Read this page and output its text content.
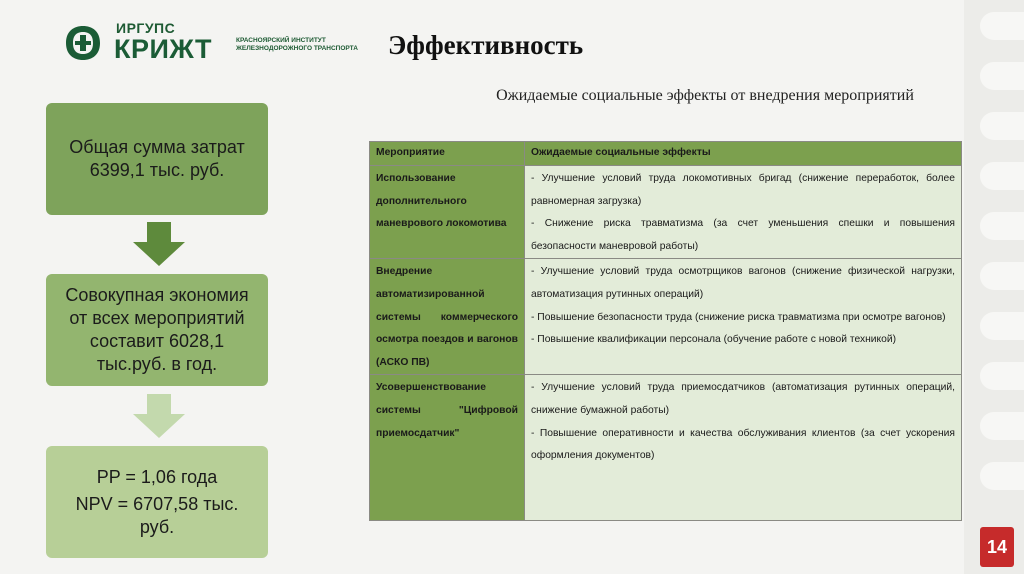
ИРГУПС
КРИЖТ	КРАСНОЯРСКИЙ ИНСТИТУТ ЖЕЛЕЗНОДОРОЖНОГО ТРАНСПОРТА	Эффективность
Ожидаемые социальные эффекты от внедрения мероприятий
Общая сумма затрат 6399,1 тыс. руб.
Совокупная экономия от всех мероприятий составит 6028,1 тыс.руб. в год.
PP = 1,06 года
NPV = 6707,58 тыс. руб.
Мероприятие	Ожидаемые социальные эффекты
Использование дополнительного маневрового локомотива	- Улучшение условий труда локомотивных бригад (снижение переработок, более равномерная загрузка)
- Снижение риска травматизма (за счет уменьшения спешки и повышения безопасности маневровой работы)

Внедрение автоматизированной системы коммерческого осмотра поездов и вагонов (АСКО ПВ)	- Улучшение условий труда осмотрщиков вагонов (снижение физической нагрузки, автоматизация рутинных операций)
- Повышение безопасности труда (снижение риска травматизма при осмотре вагонов)
- Повышение квалификации персонала (обучение работе с новой техникой)

Усовершенствование системы "Цифровой приемосдатчик"	- Улучшение условий труда приемосдатчиков (автоматизация рутинных операций, снижение бумажной работы)
- Повышение оперативности и качества обслуживания клиентов (за счет ускорения оформления документов)
14
